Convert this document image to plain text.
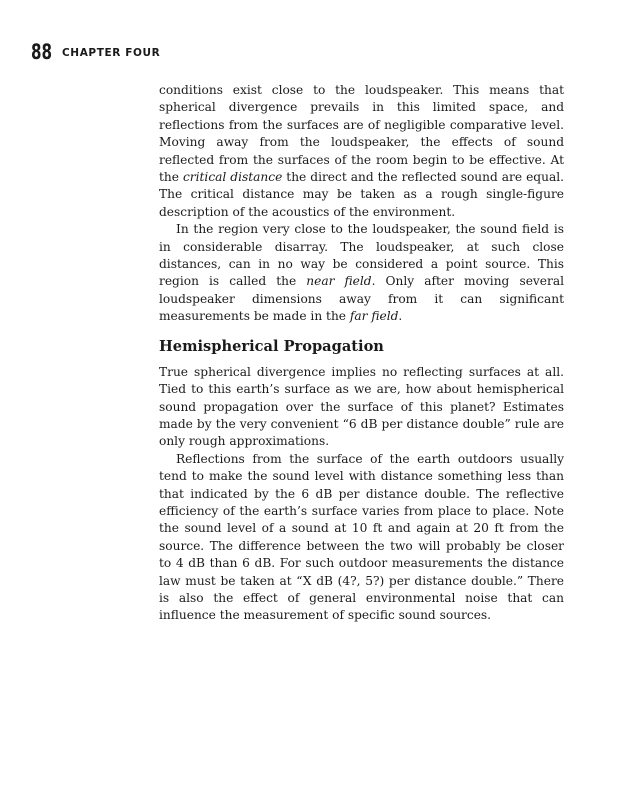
88 CHAPTER FOUR

conditions exist close to the loudspeaker. This means that spherical divergence prevails in this limited space, and reflections from the surfaces are of negligible comparative level. Moving away from the loudspeaker, the effects of sound reflected from the surfaces of the room begin to be effective. At the critical distance the direct and the reflected sound are equal. The critical distance may be taken as a rough single-figure description of the acoustics of the environment.

In the region very close to the loudspeaker, the sound field is in considerable disarray. The loudspeaker, at such close distances, can in no way be considered a point source. This region is called the near field. Only after moving several loudspeaker dimensions away from it can significant measurements be made in the far field.

Hemispherical Propagation

True spherical divergence implies no reflecting surfaces at all. Tied to this earth’s surface as we are, how about hemispherical sound propagation over the surface of this planet? Estimates made by the very convenient “6 dB per distance double” rule are only rough approximations.

Reflections from the surface of the earth outdoors usually tend to make the sound level with distance something less than that indicated by the 6 dB per distance double. The reflective efficiency of the earth’s surface varies from place to place. Note the sound level of a sound at 10 ft and again at 20 ft from the source. The difference between the two will probably be closer to 4 dB than 6 dB. For such outdoor measurements the distance law must be taken at “X dB (4?, 5?) per distance double.” There is also the effect of general environmental noise that can influence the measurement of specific sound sources.
